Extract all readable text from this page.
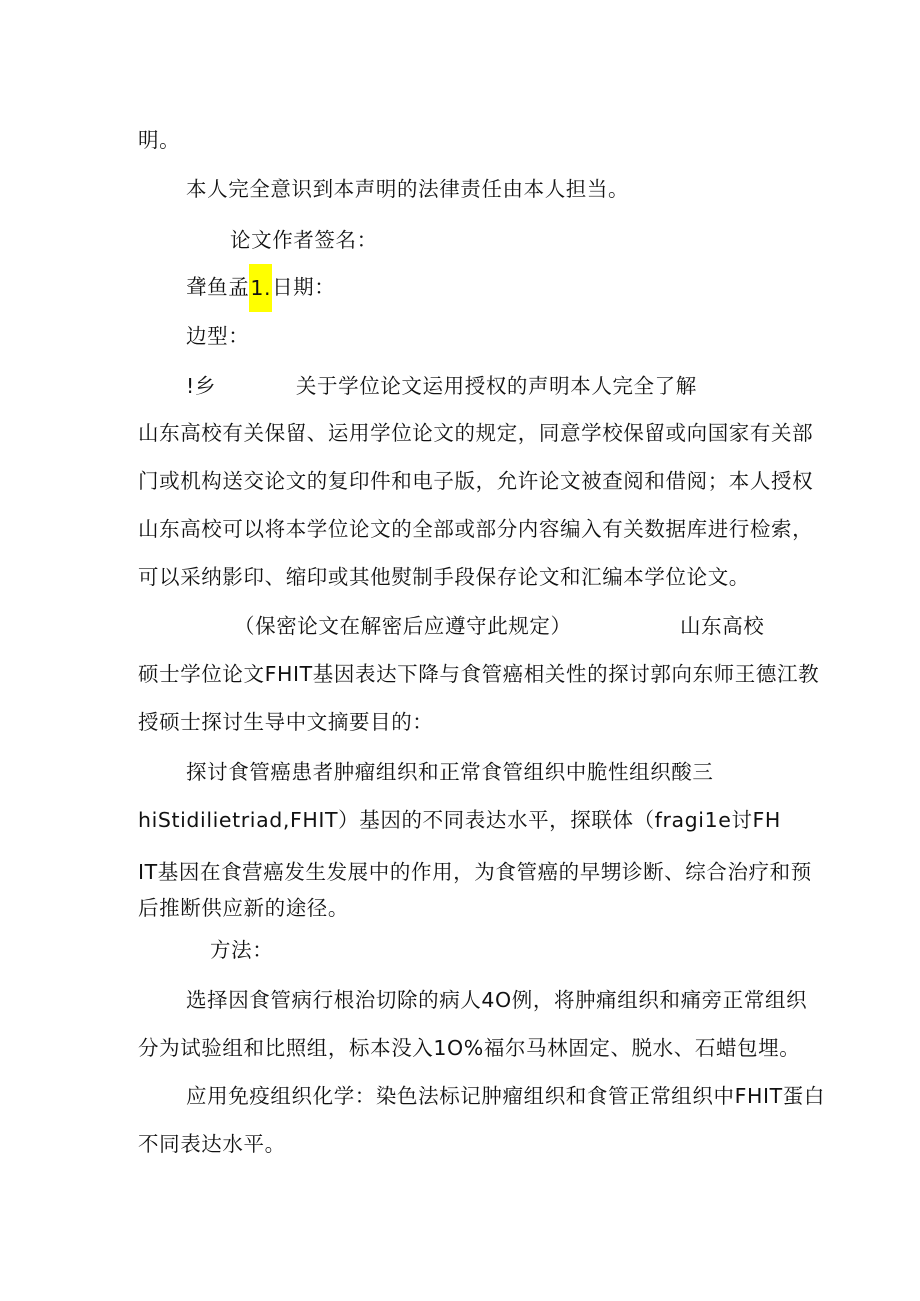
明。
本人完全意识到本声明的法律责任由本人担当。
论文作者签名：
聋鱼孟1.日期：
边型：
!乡	关于学位论文运用授权的声明本人完全了解
山东高校有关保留、运用学位论文的规定，同意学校保留或向国家有关部
门或机构送交论文的复印件和电子版，允许论文被查阅和借阅；本人授权
山东高校可以将本学位论文的全部或部分内容编入有关数据库进行检索，
可以采纳影印、缩印或其他熨制手段保存论文和汇编本学位论文。
（保密论文在解密后应遵守此规定）	山东高校
硕士学位论文FHIT基因表达下降与食管癌相关性的探讨郭向东师王德江教
授硕士探讨生导中文摘要目的：
探讨食管癌患者肿瘤组织和正常食管组织中脆性组织酸三
hiStidilietriad,FHIT）基因的不同表达水平，探联体（fragi1e讨FH
IT基因在食营癌发生发展中的作用，为食管癌的早甥诊断、综合治疗和预
后推断供应新的途径。
方法：
选择因食管病行根治切除的病人4O例，将肿痛组织和痛旁正常组织
分为试验组和比照组，标本没入1O%福尔马林固定、脱水、石蜡包埋。
应用免疫组织化学：染色法标记肿瘤组织和食管正常组织中FHIT蛋白
不同表达水平。
